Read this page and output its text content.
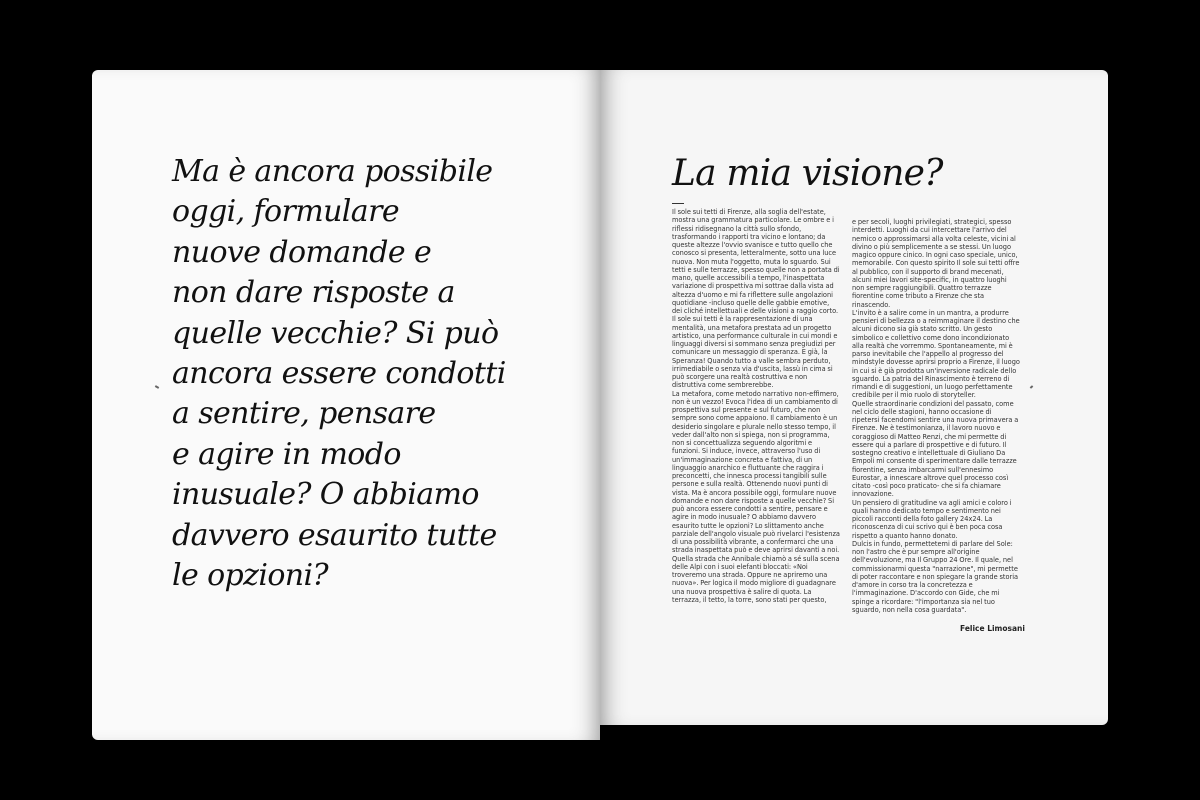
Ma è ancora possibile
oggi, formulare
nuove domande e
non dare risposte a
quelle vecchie? Si può
ancora essere condotti
a sentire, pensare
e agire in modo
inusuale? O abbiamo
davvero esaurito tutte
le opzioni?

La mia visione?

Il sole sui tetti di Firenze, alla soglia dell'estate, mostra una grammatura particolare. Le ombre e i riflessi ridisegnano la città sullo sfondo, trasformando i rapporti tra vicino e lontano; da queste altezze l'ovvio svanisce e tutto quello che conosco si presenta, letteralmente, sotto una luce nuova. Non muta l'oggetto, muta lo sguardo. Sui tetti e sulle terrazze, spesso quelle non a portata di mano, quelle accessibili a tempo, l'inaspettata variazione di prospettiva mi sottrae dalla vista ad altezza d'uomo e mi fa riflettere sulle angolazioni quotidiane -incluso quelle delle gabbie emotive, dei cliché intellettuali e delle visioni a raggio corto. Il sole sui tetti è la rappresentazione di una mentalità, una metafora prestata ad un progetto artistico, una performance culturale in cui mondi e linguaggi diversi si sommano senza pregiudizi per comunicare un messaggio di speranza. E già, la Speranza! Quando tutto a valle sembra perduto, irrimediabile o senza via d'uscita, lassù in cima si può scorgere una realtà costruttiva e non distruttiva come sembrerebbe.
La metafora, come metodo narrativo non-effimero, non è un vezzo! Evoca l'idea di un cambiamento di prospettiva sul presente e sul futuro, che non sempre sono come appaiono. Il cambiamento è un desiderio singolare e plurale nello stesso tempo, il veder dall'alto non si spiega, non si programma, non si concettualizza seguendo algoritmi e funzioni. Si induce, invece, attraverso l'uso di un'immaginazione concreta e fattiva, di un linguaggio anarchico e fluttuante che raggira i preconcetti, che innesca processi tangibili sulle persone e sulla realtà. Ottenendo nuovi punti di vista. Ma è ancora possibile oggi, formulare nuove domande e non dare risposte a quelle vecchie? Si può ancora essere condotti a sentire, pensare e agire in modo inusuale? O abbiamo davvero esaurito tutte le opzioni? Lo slittamento anche parziale dell'angolo visuale può rivelarci l'esistenza di una possibilità vibrante, a confermarci che una strada inaspettata può e deve aprirsi davanti a noi. Quella strada che Annibale chiamò a sé sulla scena delle Alpi con i suoi elefanti bloccati: «Noi troveremo una strada. Oppure ne apriremo una nuova». Per logica il modo migliore di guadagnare una nuova prospettiva è salire di quota. La terrazza, il tetto, la torre, sono stati per questo,

e per secoli, luoghi privilegiati, strategici, spesso interdetti. Luoghi da cui intercettare l'arrivo del nemico o approssimarsi alla volta celeste, vicini al divino o più semplicemente a se stessi. Un luogo magico oppure cinico. In ogni caso speciale, unico, memorabile. Con questo spirito Il sole sui tetti offre al pubblico, con il supporto di brand mecenati, alcuni miei lavori site-specific, in quattro luoghi non sempre raggiungibili. Quattro terrazze fiorentine come tributo a Firenze che sta rinascendo.
L'invito è a salire come in un mantra, a produrre pensieri di bellezza o a reimmaginare il destino che alcuni dicono sia già stato scritto. Un gesto simbolico e collettivo come dono incondizionato alla realtà che vorremmo. Spontaneamente, mi è parso inevitabile che l'appello al progresso del mindstyle dovesse aprirsi proprio a Firenze, il luogo in cui si è già prodotta un'inversione radicale dello sguardo. La patria del Rinascimento è terreno di rimandi e di suggestioni, un luogo perfettamente credibile per il mio ruolo di storyteller.
Quelle straordinarie condizioni del passato, come nel ciclo delle stagioni, hanno occasione di ripetersi facendomi sentire una nuova primavera a Firenze. Ne è testimonianza, il lavoro nuovo e coraggioso di Matteo Renzi, che mi permette di essere qui a parlare di prospettive e di futuro. Il sostegno creativo e intellettuale di Giuliano Da Empoli mi consente di sperimentare dalle terrazze fiorentine, senza imbarcarmi sull'ennesimo Eurostar, a innescare altrove quel processo così citato -così poco praticato- che si fa chiamare innovazione.
Un pensiero di gratitudine va agli amici e coloro i quali hanno dedicato tempo e sentimento nei piccoli racconti della foto gallery 24x24. La riconoscenza di cui scrivo qui è ben poca cosa rispetto a quanto hanno donato.
Dulcis in fundo, permettetemi di parlare del Sole: non l'astro che è pur sempre all'origine dell'evoluzione, ma Il Gruppo 24 Ore. Il quale, nel commissionarmi questa "narrazione", mi permette di poter raccontare e non spiegare la grande storia d'amore in corso tra la concretezza e l'immaginazione. D'accordo con Gide, che mi spinge a ricordare: "l'importanza sia nel tuo sguardo, non nella cosa guardata".

Felice Limosani
